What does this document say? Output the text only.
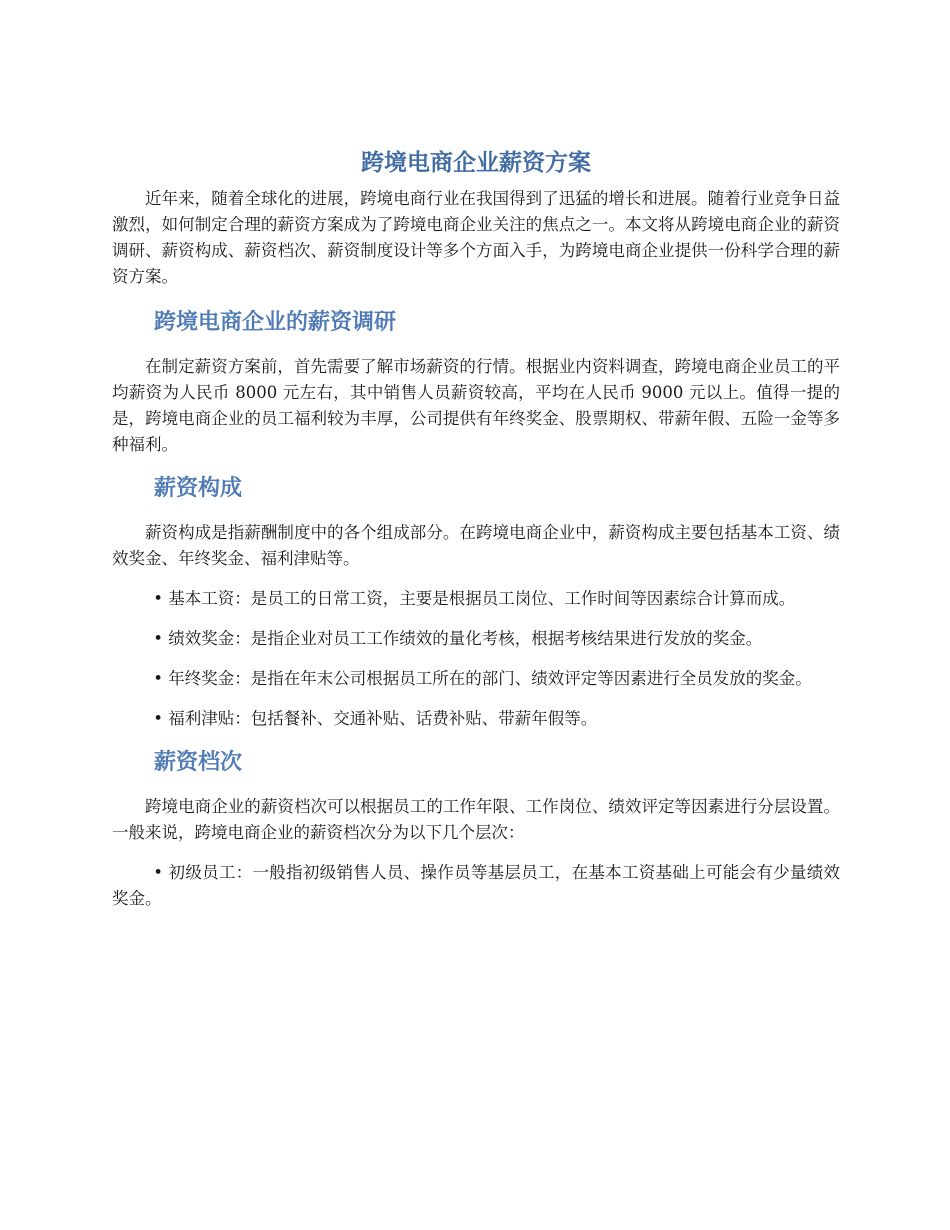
跨境电商企业薪资方案

近年来，随着全球化的进展，跨境电商行业在我国得到了迅猛的增长和进展。随着行业竞争日益激烈，如何制定合理的薪资方案成为了跨境电商企业关注的焦点之一。本文将从跨境电商企业的薪资调研、薪资构成、薪资档次、薪资制度设计等多个方面入手，为跨境电商企业提供一份科学合理的薪资方案。

跨境电商企业的薪资调研

在制定薪资方案前，首先需要了解市场薪资的行情。根据业内资料调查，跨境电商企业员工的平均薪资为人民币 8000 元左右，其中销售人员薪资较高，平均在人民币 9000 元以上。值得一提的是，跨境电商企业的员工福利较为丰厚，公司提供有年终奖金、股票期权、带薪年假、五险一金等多种福利。

薪资构成

薪资构成是指薪酬制度中的各个组成部分。在跨境电商企业中，薪资构成主要包括基本工资、绩效奖金、年终奖金、福利津贴等。

• 基本工资：是员工的日常工资，主要是根据员工岗位、工作时间等因素综合计算而成。

• 绩效奖金：是指企业对员工工作绩效的量化考核，根据考核结果进行发放的奖金。

• 年终奖金：是指在年末公司根据员工所在的部门、绩效评定等因素进行全员发放的奖金。

• 福利津贴：包括餐补、交通补贴、话费补贴、带薪年假等。

薪资档次

跨境电商企业的薪资档次可以根据员工的工作年限、工作岗位、绩效评定等因素进行分层设置。一般来说，跨境电商企业的薪资档次分为以下几个层次：

• 初级员工：一般指初级销售人员、操作员等基层员工，在基本工资基础上可能会有少量绩效奖金。
